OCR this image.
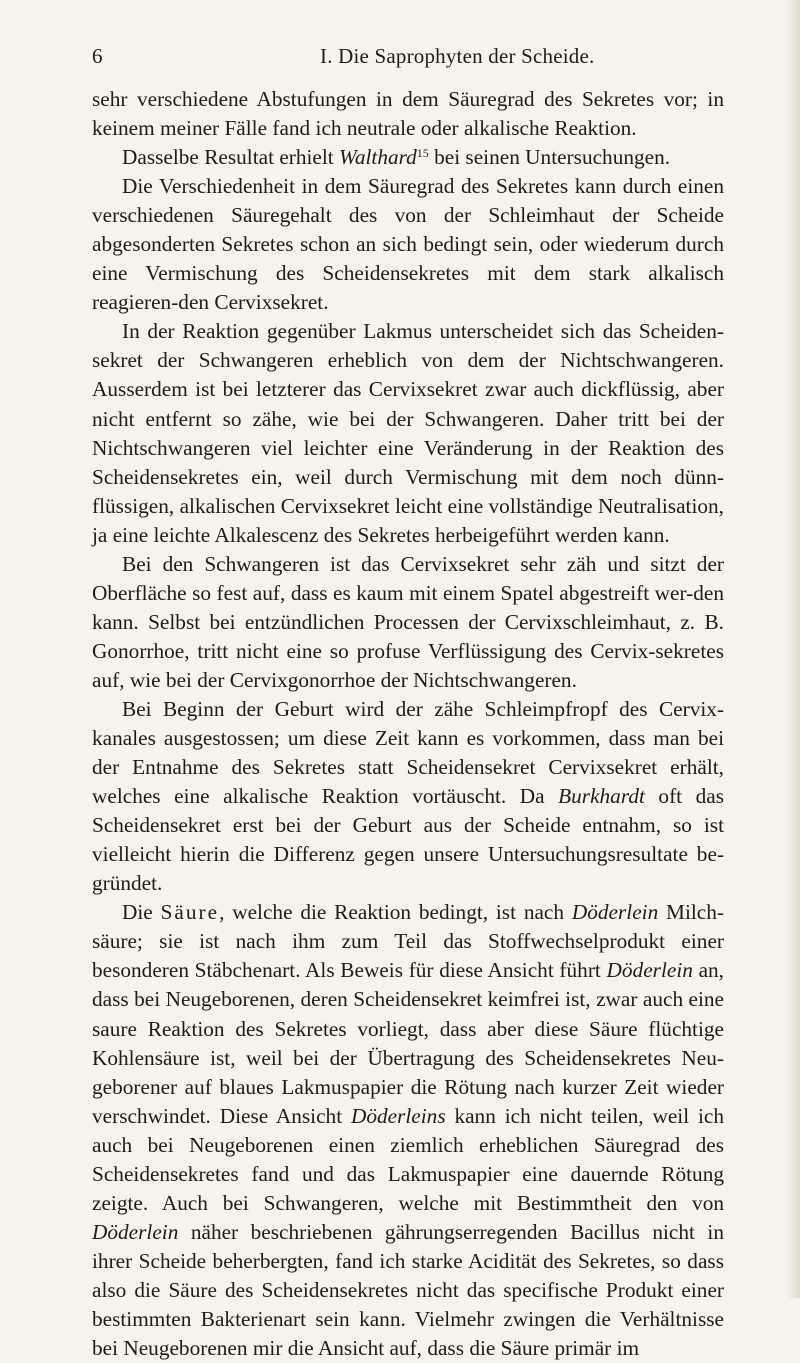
6	I. Die Saprophyten der Scheide.

sehr verschiedene Abstufungen in dem Säuregrad des Sekretes vor; in keinem meiner Fälle fand ich neutrale oder alkalische Reaktion.

Dasselbe Resultat erhielt Walthard$^{15}$ bei seinen Untersuchungen.

Die Verschiedenheit in dem Säuregrad des Sekretes kann durch einen verschiedenen Säuregehalt des von der Schleimhaut der Scheide abgesonderten Sekretes schon an sich bedingt sein, oder wiederum durch eine Vermischung des Scheidensekretes mit dem stark alkalisch reagieren-den Cervixsekret.

In der Reaktion gegenüber Lakmus unterscheidet sich das Scheiden-sekret der Schwangeren erheblich von dem der Nichtschwangeren. Ausserdem ist bei letzterer das Cervixsekret zwar auch dickflüssig, aber nicht entfernt so zähe, wie bei der Schwangeren. Daher tritt bei der Nichtschwangeren viel leichter eine Veränderung in der Reaktion des Scheidensekretes ein, weil durch Vermischung mit dem noch dünn-flüssigen, alkalischen Cervixsekret leicht eine vollständige Neutralisation, ja eine leichte Alkalescenz des Sekretes herbeigeführt werden kann.

Bei den Schwangeren ist das Cervixsekret sehr zäh und sitzt der Oberfläche so fest auf, dass es kaum mit einem Spatel abgestreift wer-den kann. Selbst bei entzündlichen Processen der Cervixschleimhaut, z. B. Gonorrhoe, tritt nicht eine so profuse Verflüssigung des Cervix-sekretes auf, wie bei der Cervixgonorrhoe der Nichtschwangeren.

Bei Beginn der Geburt wird der zähe Schleimpfropf des Cervix-kanales ausgestossen; um diese Zeit kann es vorkommen, dass man bei der Entnahme des Sekretes statt Scheidensekret Cervixsekret erhält, welches eine alkalische Reaktion vortäuscht. Da Burkhardt oft das Scheidensekret erst bei der Geburt aus der Scheide entnahm, so ist vielleicht hierin die Differenz gegen unsere Untersuchungsresultate be-gründet.

Die Säure, welche die Reaktion bedingt, ist nach Döderlein Milch-säure; sie ist nach ihm zum Teil das Stoffwechselprodukt einer besonderen Stäbchenart. Als Beweis für diese Ansicht führt Döderlein an, dass bei Neugeborenen, deren Scheidensekret keimfrei ist, zwar auch eine saure Reaktion des Sekretes vorliegt, dass aber diese Säure flüchtige Kohlensäure ist, weil bei der Übertragung des Scheidensekretes Neu-geborener auf blaues Lakmuspapier die Rötung nach kurzer Zeit wieder verschwindet. Diese Ansicht Döderleins kann ich nicht teilen, weil ich auch bei Neugeborenen einen ziemlich erheblichen Säuregrad des Scheidensekretes fand und das Lakmuspapier eine dauernde Rötung zeigte. Auch bei Schwangeren, welche mit Bestimmtheit den von Döderlein näher beschriebenen gährungserregenden Bacillus nicht in ihrer Scheide beherbergten, fand ich starke Acidität des Sekretes, so dass also die Säure des Scheidensekretes nicht das specifische Produkt einer bestimmten Bakterienart sein kann. Vielmehr zwingen die Verhältnisse bei Neugeborenen mir die Ansicht auf, dass die Säure primär im
